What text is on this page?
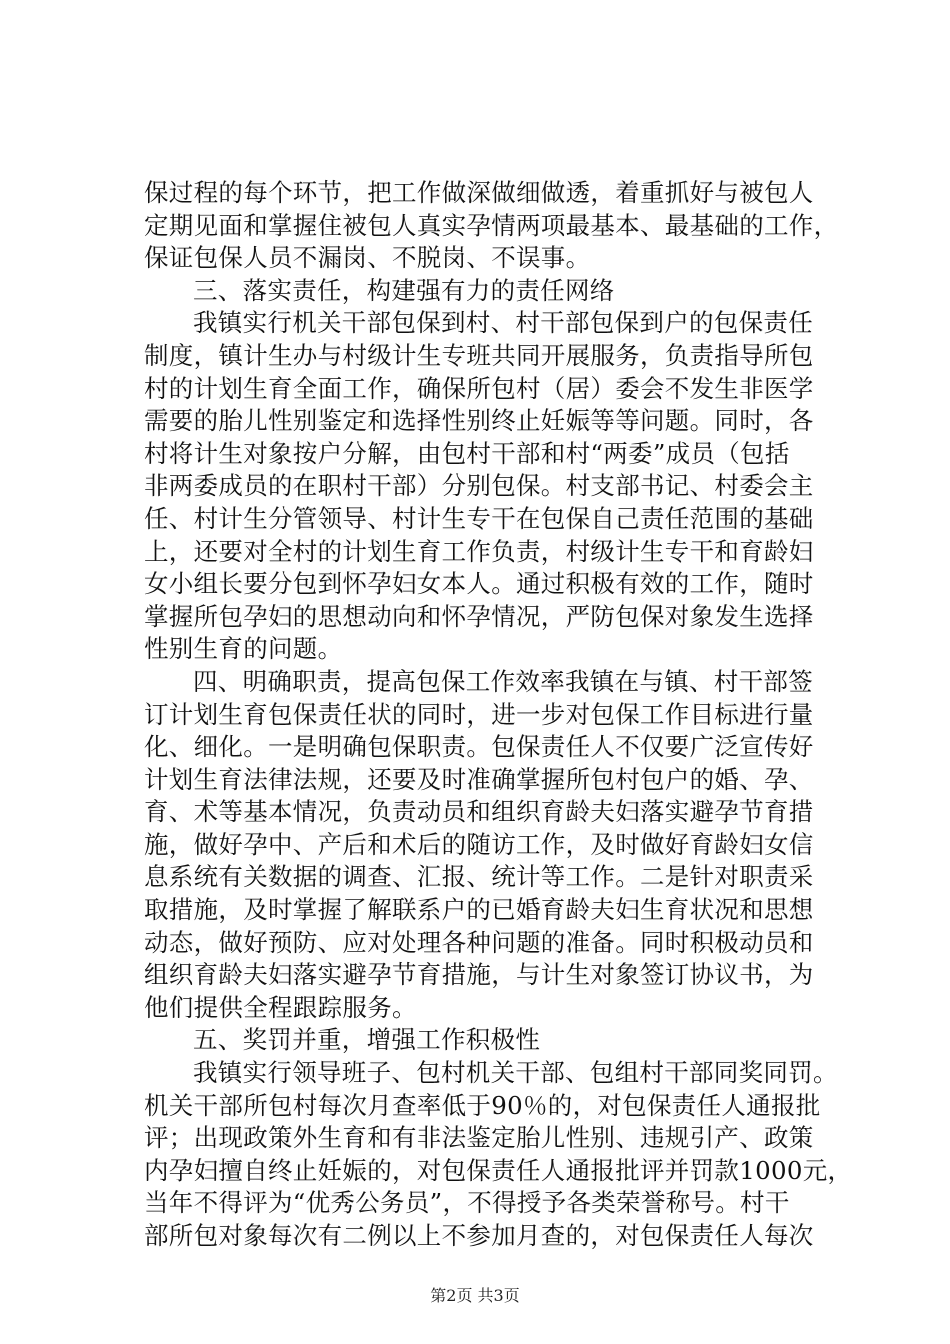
保过程的每个环节，把工作做深做细做透，着重抓好与被包人
定期见面和掌握住被包人真实孕情两项最基本、最基础的工作，
保证包保人员不漏岗、不脱岗、不误事。
三、落实责任，构建强有力的责任网络
我镇实行机关干部包保到村、村干部包保到户的包保责任
制度，镇计生办与村级计生专班共同开展服务，负责指导所包
村的计划生育全面工作，确保所包村（居）委会不发生非医学
需要的胎儿性别鉴定和选择性别终止妊娠等等问题。同时，各
村将计生对象按户分解，由包村干部和村“两委”成员（包括
非两委成员的在职村干部）分别包保。村支部书记、村委会主
任、村计生分管领导、村计生专干在包保自己责任范围的基础
上，还要对全村的计划生育工作负责，村级计生专干和育龄妇
女小组长要分包到怀孕妇女本人。通过积极有效的工作，随时
掌握所包孕妇的思想动向和怀孕情况，严防包保对象发生选择
性别生育的问题。
四、明确职责，提高包保工作效率我镇在与镇、村干部签
订计划生育包保责任状的同时，进一步对包保工作目标进行量
化、细化。一是明确包保职责。包保责任人不仅要广泛宣传好
计划生育法律法规，还要及时准确掌握所包村包户的婚、孕、
育、术等基本情况，负责动员和组织育龄夫妇落实避孕节育措
施，做好孕中、产后和术后的随访工作，及时做好育龄妇女信
息系统有关数据的调查、汇报、统计等工作。二是针对职责采
取措施，及时掌握了解联系户的已婚育龄夫妇生育状况和思想
动态，做好预防、应对处理各种问题的准备。同时积极动员和
组织育龄夫妇落实避孕节育措施，与计生对象签订协议书，为
他们提供全程跟踪服务。
五、奖罚并重，增强工作积极性
我镇实行领导班子、包村机关干部、包组村干部同奖同罚。
机关干部所包村每次月查率低于90％的，对包保责任人通报批
评；出现政策外生育和有非法鉴定胎儿性别、违规引产、政策
内孕妇擅自终止妊娠的，对包保责任人通报批评并罚款1000元，
当年不得评为“优秀公务员”，不得授予各类荣誉称号。村干
部所包对象每次有二例以上不参加月查的，对包保责任人每次
第2页 共3页
